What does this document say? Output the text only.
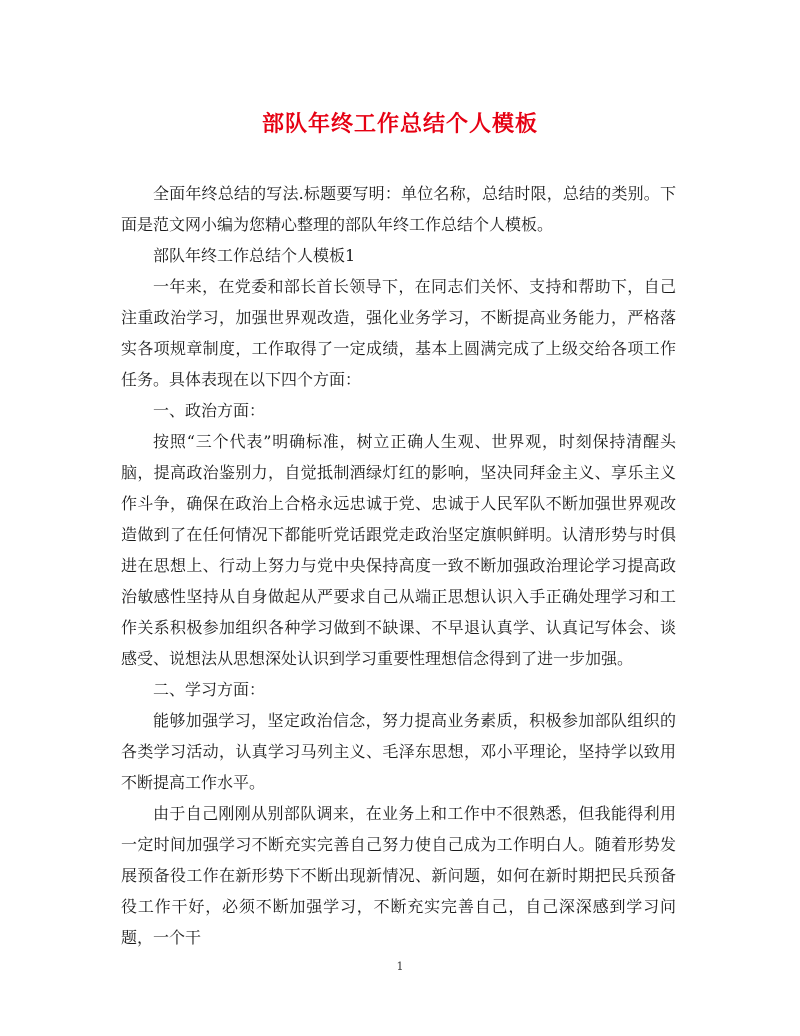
部队年终工作总结个人模板

全面年终总结的写法.标题要写明：单位名称，总结时限，总结的类别。下面是范文网小编为您精心整理的部队年终工作总结个人模板。

部队年终工作总结个人模板1

一年来，在党委和部长首长领导下，在同志们关怀、支持和帮助下，自己注重政治学习，加强世界观改造，强化业务学习，不断提高业务能力，严格落实各项规章制度，工作取得了一定成绩，基本上圆满完成了上级交给各项工作任务。具体表现在以下四个方面：

一、政治方面：

按照“三个代表”明确标准，树立正确人生观、世界观，时刻保持清醒头脑，提高政治鉴别力，自觉抵制酒绿灯红的影响，坚决同拜金主义、享乐主义作斗争，确保在政治上合格永远忠诚于党、忠诚于人民军队不断加强世界观改造做到了在任何情况下都能听党话跟党走政治坚定旗帜鲜明。认清形势与时俱进在思想上、行动上努力与党中央保持高度一致不断加强政治理论学习提高政治敏感性坚持从自身做起从严要求自己从端正思想认识入手正确处理学习和工作关系积极参加组织各种学习做到不缺课、不早退认真学、认真记写体会、谈感受、说想法从思想深处认识到学习重要性理想信念得到了进一步加强。

二、学习方面：

能够加强学习，坚定政治信念，努力提高业务素质，积极参加部队组织的各类学习活动，认真学习马列主义、毛泽东思想，邓小平理论，坚持学以致用不断提高工作水平。

由于自己刚刚从别部队调来，在业务上和工作中不很熟悉，但我能得利用一定时间加强学习不断充实完善自己努力使自己成为工作明白人。随着形势发展预备役工作在新形势下不断出现新情况、新问题，如何在新时期把民兵预备役工作干好，必须不断加强学习，不断充实完善自己，自己深深感到学习问题，一个干

1
